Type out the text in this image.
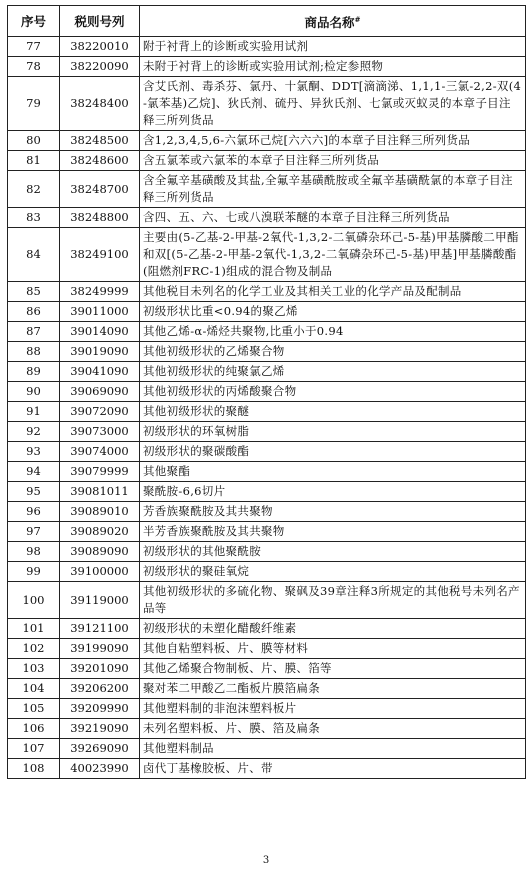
序号	税则号列	商品名称#
77	38220010	附于衬背上的诊断或实验用试剂
78	38220090	未附于衬背上的诊断或实验用试剂;检定参照物
79	38248400	含艾氏剂、毒杀芬、氯丹、十氯酮、DDT[滴滴涕、1,1,1-三氯-2,2-双(4-氯苯基)乙烷]、狄氏剂、硫丹、异狄氏剂、七氯或灭蚁灵的本章子目注释三所列货品
80	38248500	含1,2,3,4,5,6-六氯环己烷[六六六]的本章子目注释三所列货品
81	38248600	含五氯苯或六氯苯的本章子目注释三所列货品
82	38248700	含全氟辛基磺酸及其盐,全氟辛基磺酰胺或全氟辛基磺酰氯的本章子目注释三所列货品
83	38248800	含四、五、六、七或八溴联苯醚的本章子目注释三所列货品
84	38249100	主要由(5-乙基-2-甲基-2氧代-1,3,2-二氧磷杂环己-5-基)甲基膦酸二甲酯和双[(5-乙基-2-甲基-2氧代-1,3,2-二氧磷杂环己-5-基)甲基]甲基膦酸酯(阻燃剂FRC-1)组成的混合物及制品
85	38249999	其他税目未列名的化学工业及其相关工业的化学产品及配制品
86	39011000	初级形状比重<0.94的聚乙烯
87	39014090	其他乙烯-α-烯烃共聚物,比重小于0.94
88	39019090	其他初级形状的乙烯聚合物
89	39041090	其他初级形状的纯聚氯乙烯
90	39069090	其他初级形状的丙烯酸聚合物
91	39072090	其他初级形状的聚醚
92	39073000	初级形状的环氧树脂
93	39074000	初级形状的聚碳酸酯
94	39079999	其他聚酯
95	39081011	聚酰胺-6,6切片
96	39089010	芳香族聚酰胺及其共聚物
97	39089020	半芳香族聚酰胺及其共聚物
98	39089090	初级形状的其他聚酰胺
99	39100000	初级形状的聚硅氧烷
100	39119000	其他初级形状的多硫化物、聚砜及39章注释3所规定的其他税号未列名产品等
101	39121100	初级形状的未塑化醋酸纤维素
102	39199090	其他自粘塑料板、片、膜等材料
103	39201090	其他乙烯聚合物制板、片、膜、箔等
104	39206200	聚对苯二甲酸乙二酯板片膜箔扁条
105	39209990	其他塑料制的非泡沫塑料板片
106	39219090	未列名塑料板、片、膜、箔及扁条
107	39269090	其他塑料制品
108	40023990	卤代丁基橡胶板、片、带
3
